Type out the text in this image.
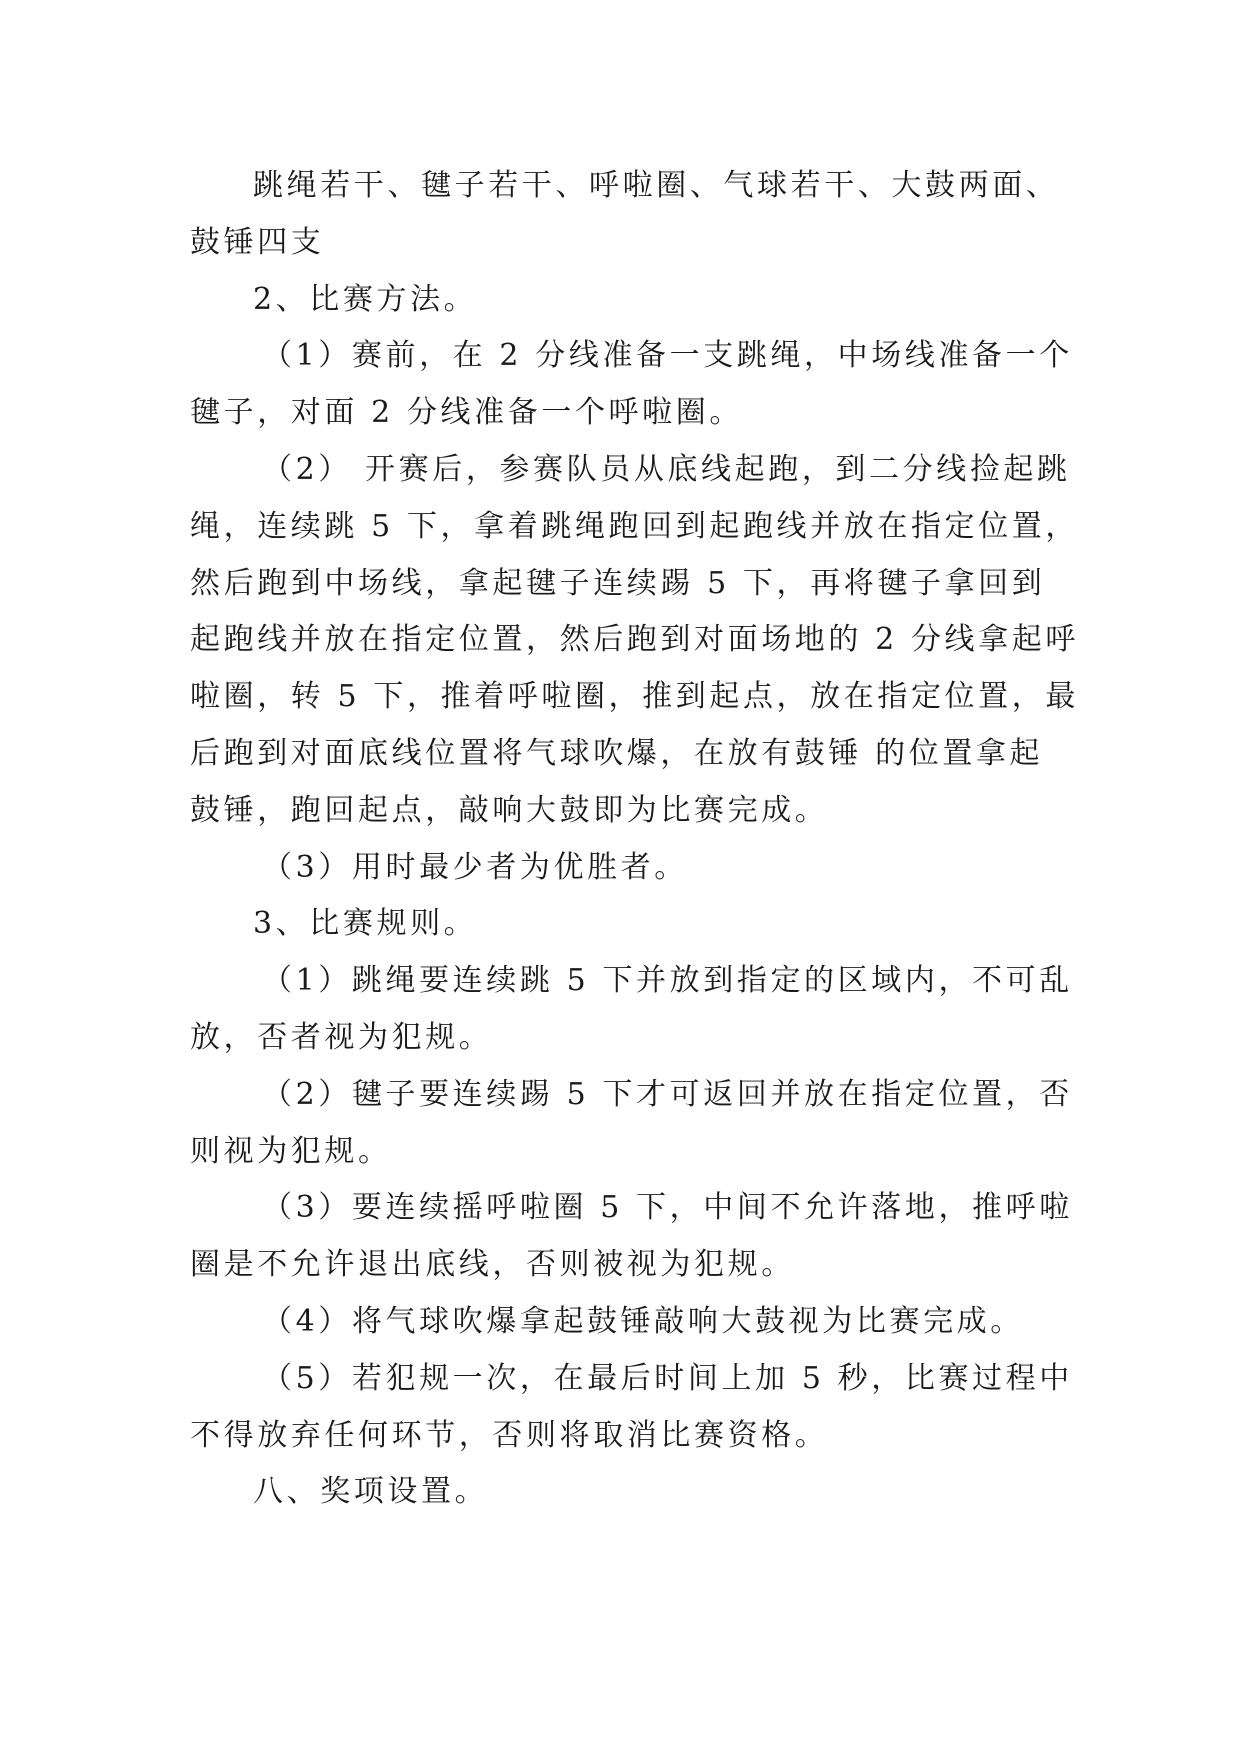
跳绳若干、毽子若干、呼啦圈、气球若干、大鼓两面、
鼓锤四支
2、比赛方法。
（1）赛前，在 2 分线准备一支跳绳，中场线准备一个
毽子，对面 2 分线准备一个呼啦圈。
（2） 开赛后，参赛队员从底线起跑，到二分线捡起跳
绳，连续跳 5 下，拿着跳绳跑回到起跑线并放在指定位置，
然后跑到中场线，拿起毽子连续踢 5 下，再将毽子拿回到
起跑线并放在指定位置，然后跑到对面场地的 2 分线拿起呼
啦圈，转 5 下，推着呼啦圈，推到起点，放在指定位置，最
后跑到对面底线位置将气球吹爆，在放有鼓锤 的位置拿起
鼓锤，跑回起点，敲响大鼓即为比赛完成。
（3）用时最少者为优胜者。
3、比赛规则。
（1）跳绳要连续跳 5 下并放到指定的区域内，不可乱
放，否者视为犯规。
（2）毽子要连续踢 5 下才可返回并放在指定位置，否
则视为犯规。
（3）要连续摇呼啦圈 5 下，中间不允许落地，推呼啦
圈是不允许退出底线，否则被视为犯规。
（4）将气球吹爆拿起鼓锤敲响大鼓视为比赛完成。
（5）若犯规一次，在最后时间上加 5 秒，比赛过程中
不得放弃任何环节，否则将取消比赛资格。
八、奖项设置。
